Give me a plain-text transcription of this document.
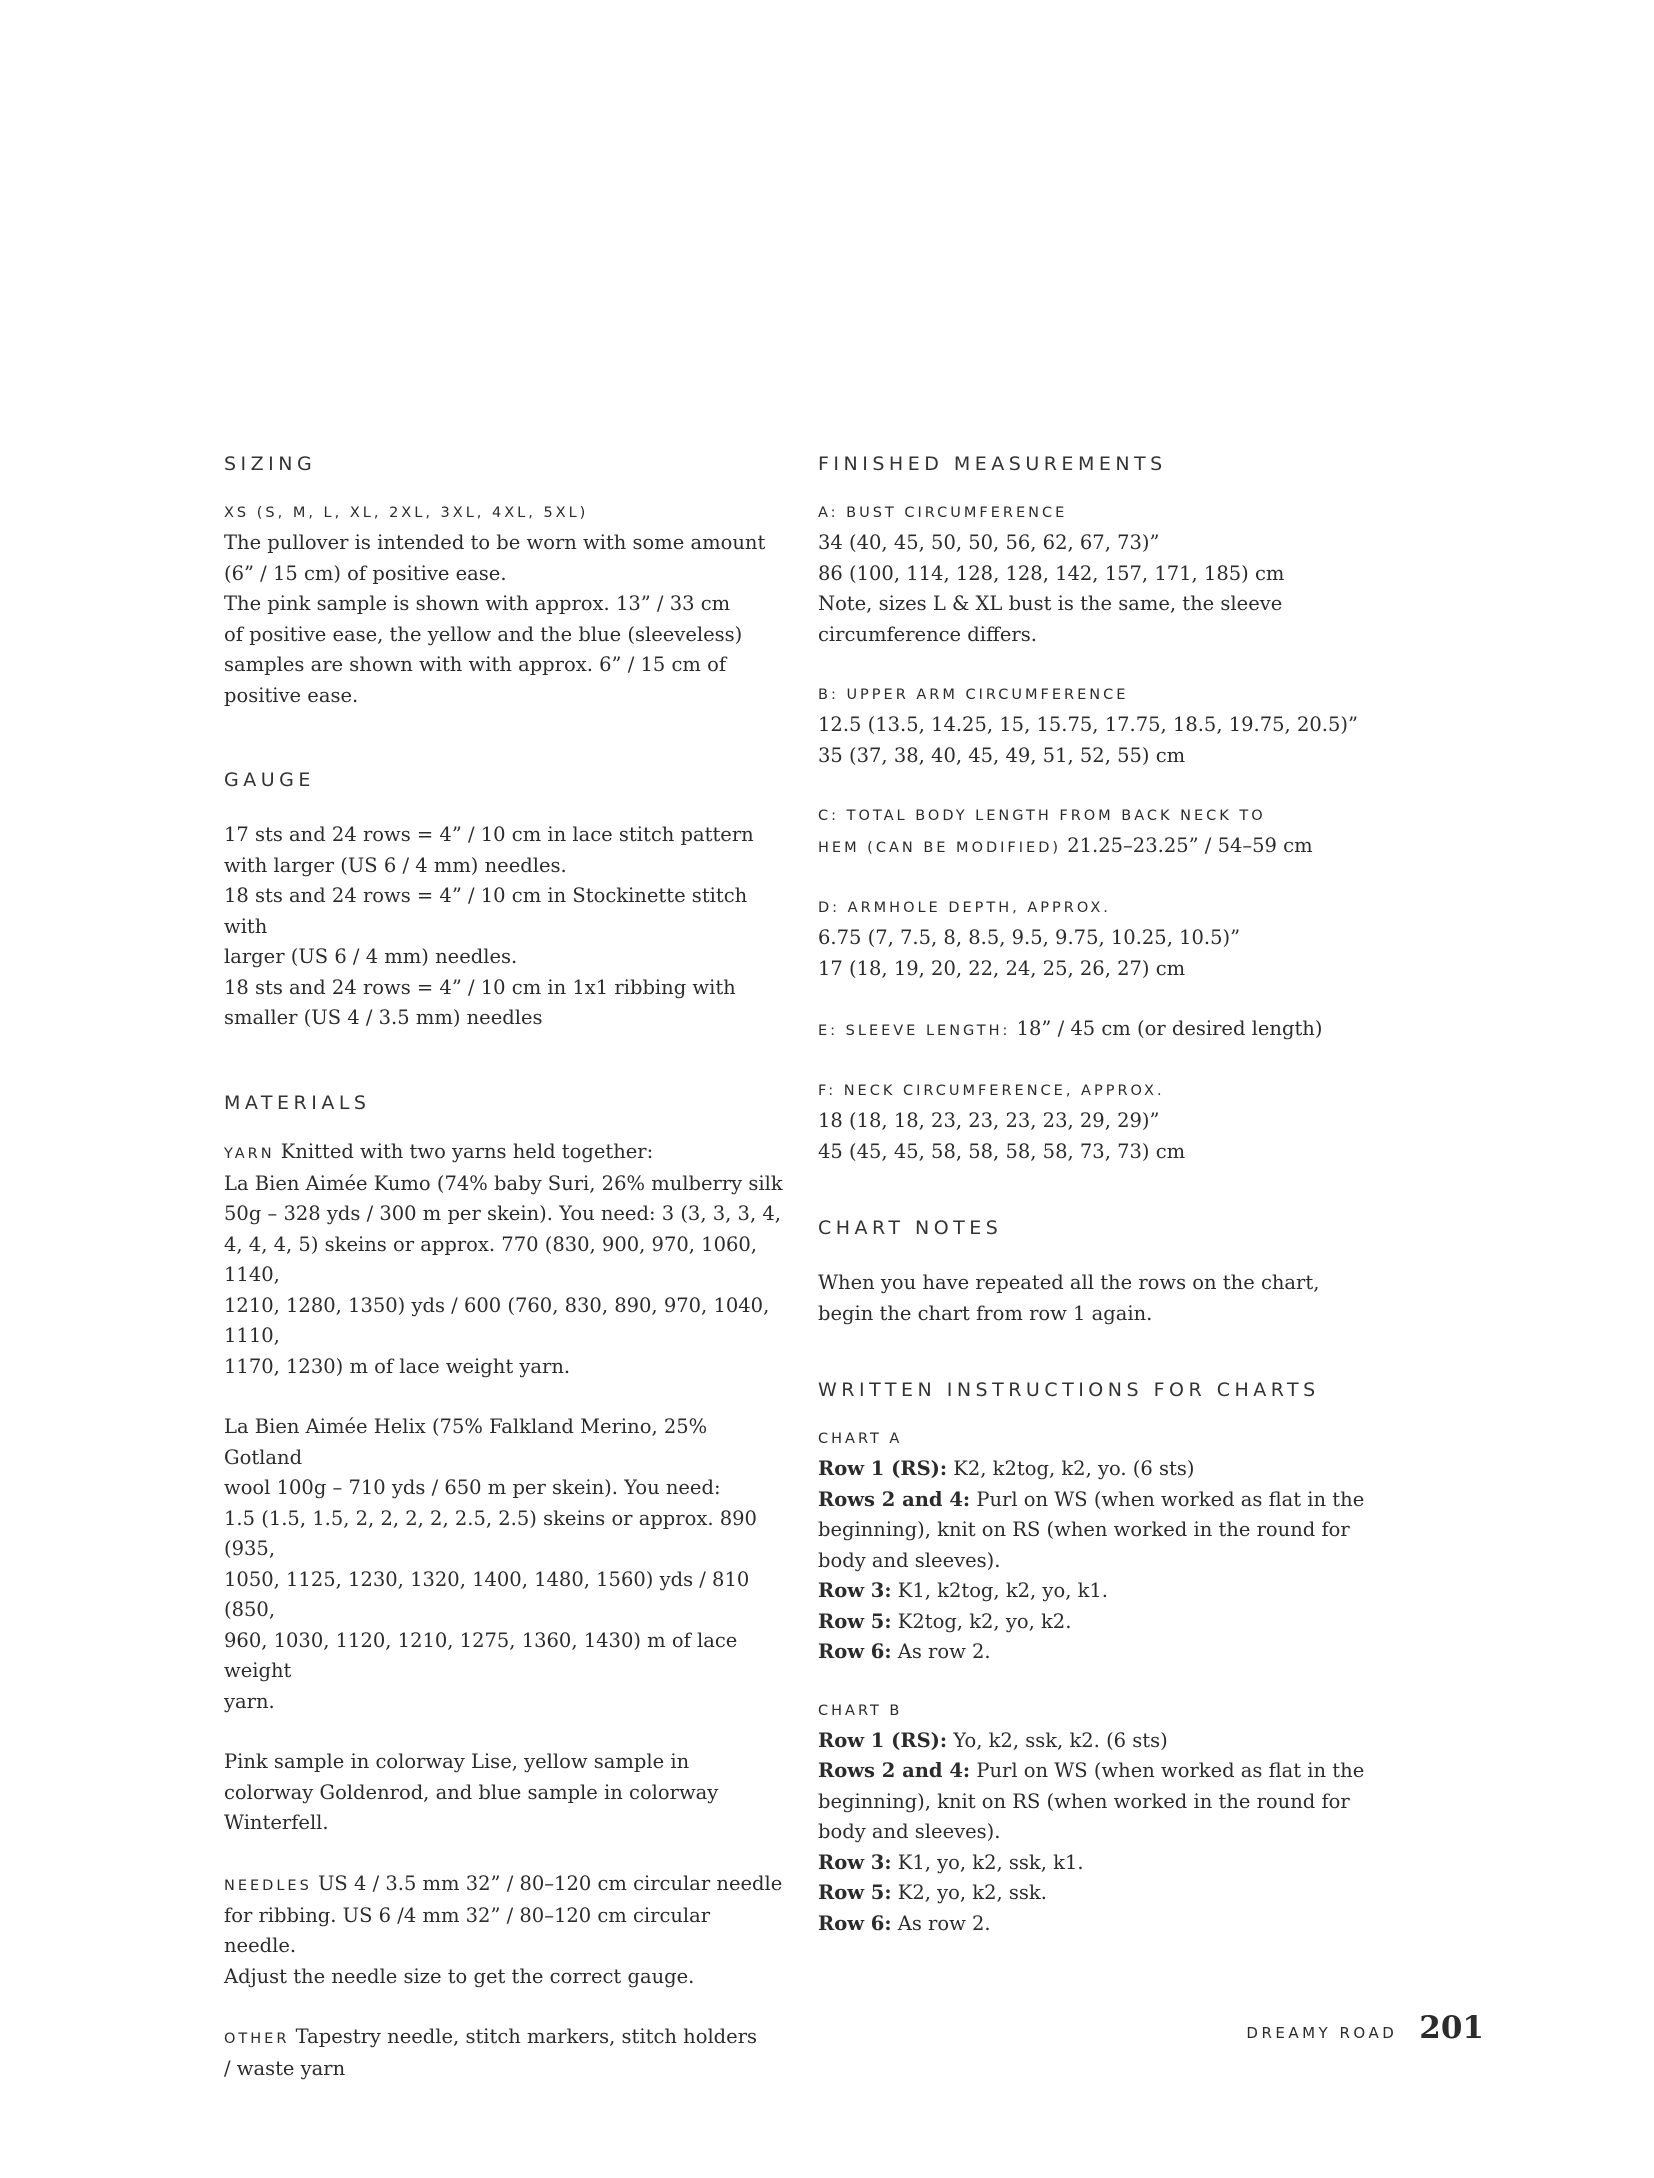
SIZING
XS (S, M, L, XL, 2XL, 3XL, 4XL, 5XL)

The pullover is intended to be worn with some amount

(6” / 15 cm) of positive ease.

The pink sample is shown with approx. 13” / 33 cm

of positive ease, the yellow and the blue (sleeveless)

samples are shown with with approx. 6” / 15 cm of

positive ease.

GAUGE

17 sts and 24 rows = 4” / 10 cm in lace stitch pattern

with larger (US 6 / 4 mm) needles.

18 sts and 24 rows = 4” / 10 cm in Stockinette stitch with

larger (US 6 / 4 mm) needles.

18 sts and 24 rows = 4” / 10 cm in 1x1 ribbing with

smaller (US 4 / 3.5 mm) needles

MATERIALS

YARN Knitted with two yarns held together:

La Bien Aimée Kumo (74% baby Suri, 26% mulberry silk

50g – 328 yds / 300 m per skein). You need: 3 (3, 3, 3, 4,

4, 4, 4, 5) skeins or approx. 770 (830, 900, 970, 1060, 1140,

1210, 1280, 1350) yds / 600 (760, 830, 890, 970, 1040, 1110,

1170, 1230) m of lace weight yarn.

La Bien Aimée Helix (75% Falkland Merino, 25% Gotland

wool 100g – 710 yds / 650 m per skein). You need:

1.5 (1.5, 1.5, 2, 2, 2, 2, 2.5, 2.5) skeins or approx. 890 (935,

1050, 1125, 1230, 1320, 1400, 1480, 1560) yds / 810 (850,

960, 1030, 1120, 1210, 1275, 1360, 1430) m of lace weight

yarn.

Pink sample in colorway Lise, yellow sample in

colorway Goldenrod, and blue sample in colorway

Winterfell.

NEEDLES US 4 / 3.5 mm 32” / 80–120 cm circular needle

for ribbing. US 6 /4 mm 32” / 80–120 cm circular needle.

Adjust the needle size to get the correct gauge.

OTHER Tapestry needle, stitch markers, stitch holders

/ waste yarn

FINISHED MEASUREMENTS
A: BUST CIRCUMFERENCE

34 (40, 45, 50, 50, 56, 62, 67, 73)”

86 (100, 114, 128, 128, 142, 157, 171, 185) cm

Note, sizes L & XL bust is the same, the sleeve

circumference differs.

B: UPPER ARM CIRCUMFERENCE

12.5 (13.5, 14.25, 15, 15.75, 17.75, 18.5, 19.75, 20.5)”

35 (37, 38, 40, 45, 49, 51, 52, 55) cm

C: TOTAL BODY LENGTH FROM BACK NECK TO

HEM (CAN BE MODIFIED) 21.25–23.25” / 54–59 cm

D: ARMHOLE DEPTH, APPROX.

6.75 (7, 7.5, 8, 8.5, 9.5, 9.75, 10.25, 10.5)”

17 (18, 19, 20, 22, 24, 25, 26, 27) cm

E: SLEEVE LENGTH: 18” / 45 cm (or desired length)

F: NECK CIRCUMFERENCE, APPROX.

18 (18, 18, 23, 23, 23, 23, 29, 29)”

45 (45, 45, 58, 58, 58, 58, 73, 73) cm

CHART NOTES

When you have repeated all the rows on the chart,

begin the chart from row 1 again.

WRITTEN INSTRUCTIONS FOR CHARTS
CHART A

Row 1 (RS): K2, k2tog, k2, yo. (6 sts)

Rows 2 and 4: Purl on WS (when worked as flat in the

beginning), knit on RS (when worked in the round for

body and sleeves).

Row 3: K1, k2tog, k2, yo, k1.

Row 5: K2tog, k2, yo, k2.

Row 6: As row 2.

CHART B

Row 1 (RS): Yo, k2, ssk, k2. (6 sts)

Rows 2 and 4: Purl on WS (when worked as flat in the

beginning), knit on RS (when worked in the round for

body and sleeves).

Row 3: K1, yo, k2, ssk, k1.

Row 5: K2, yo, k2, ssk.

Row 6: As row 2.

DREAMY ROAD 201
